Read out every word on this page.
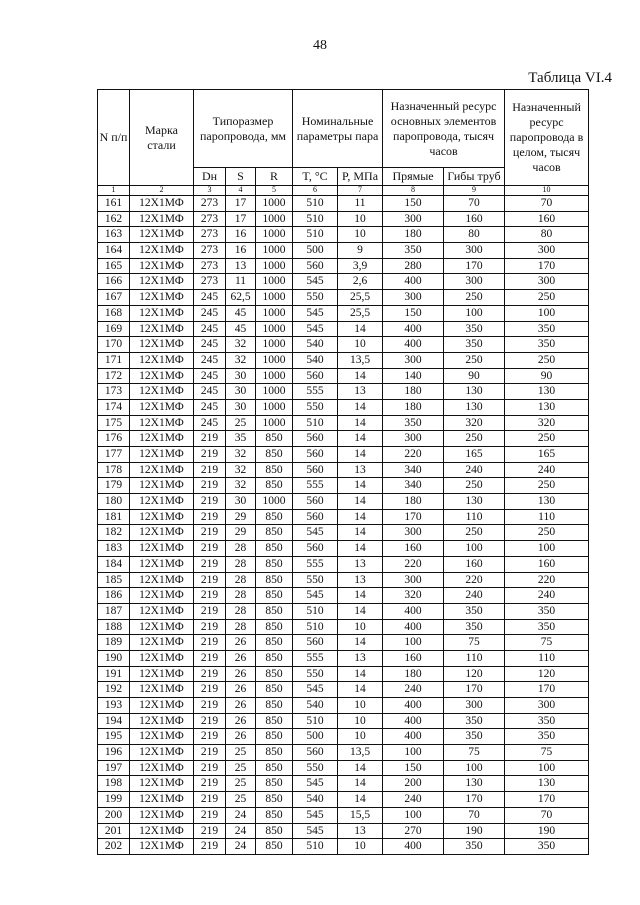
48
Таблица VI.4
N п/п	Марка стали	Типоразмер паропровода, мм			Номинальные параметры пара		Назначенный ресурс основных элементов паропровода, тысяч часов		Назначенный ресурс паропровода в целом, тысяч часов
		Dн	S	R	T, °C	P, МПа	Прямые	Гибы труб	
1	2	3	4	5	6	7	8	9	10
161	12Х1МФ	273	17	1000	510	11	150	70	70
162	12Х1МФ	273	17	1000	510	10	300	160	160
163	12Х1МФ	273	16	1000	510	10	180	80	80
164	12Х1МФ	273	16	1000	500	9	350	300	300
165	12Х1МФ	273	13	1000	560	3,9	280	170	170
166	12Х1МФ	273	11	1000	545	2,6	400	300	300
167	12Х1МФ	245	62,5	1000	550	25,5	300	250	250
168	12Х1МФ	245	45	1000	545	25,5	150	100	100
169	12Х1МФ	245	45	1000	545	14	400	350	350
170	12Х1МФ	245	32	1000	540	10	400	350	350
171	12Х1МФ	245	32	1000	540	13,5	300	250	250
172	12Х1МФ	245	30	1000	560	14	140	90	90
173	12Х1МФ	245	30	1000	555	13	180	130	130
174	12Х1МФ	245	30	1000	550	14	180	130	130
175	12Х1МФ	245	25	1000	510	14	350	320	320
176	12Х1МФ	219	35	850	560	14	300	250	250
177	12Х1МФ	219	32	850	560	14	220	165	165
178	12Х1МФ	219	32	850	560	13	340	240	240
179	12Х1МФ	219	32	850	555	14	340	250	250
180	12Х1МФ	219	30	1000	560	14	180	130	130
181	12Х1МФ	219	29	850	560	14	170	110	110
182	12Х1МФ	219	29	850	545	14	300	250	250
183	12Х1МФ	219	28	850	560	14	160	100	100
184	12Х1МФ	219	28	850	555	13	220	160	160
185	12Х1МФ	219	28	850	550	13	300	220	220
186	12Х1МФ	219	28	850	545	14	320	240	240
187	12Х1МФ	219	28	850	510	14	400	350	350
188	12Х1МФ	219	28	850	510	10	400	350	350
189	12Х1МФ	219	26	850	560	14	100	75	75
190	12Х1МФ	219	26	850	555	13	160	110	110
191	12Х1МФ	219	26	850	550	14	180	120	120
192	12Х1МФ	219	26	850	545	14	240	170	170
193	12Х1МФ	219	26	850	540	10	400	300	300
194	12Х1МФ	219	26	850	510	10	400	350	350
195	12Х1МФ	219	26	850	500	10	400	350	350
196	12Х1МФ	219	25	850	560	13,5	100	75	75
197	12Х1МФ	219	25	850	550	14	150	100	100
198	12Х1МФ	219	25	850	545	14	200	130	130
199	12Х1МФ	219	25	850	540	14	240	170	170
200	12Х1МФ	219	24	850	545	15,5	100	70	70
201	12Х1МФ	219	24	850	545	13	270	190	190
202	12Х1МФ	219	24	850	510	10	400	350	350
